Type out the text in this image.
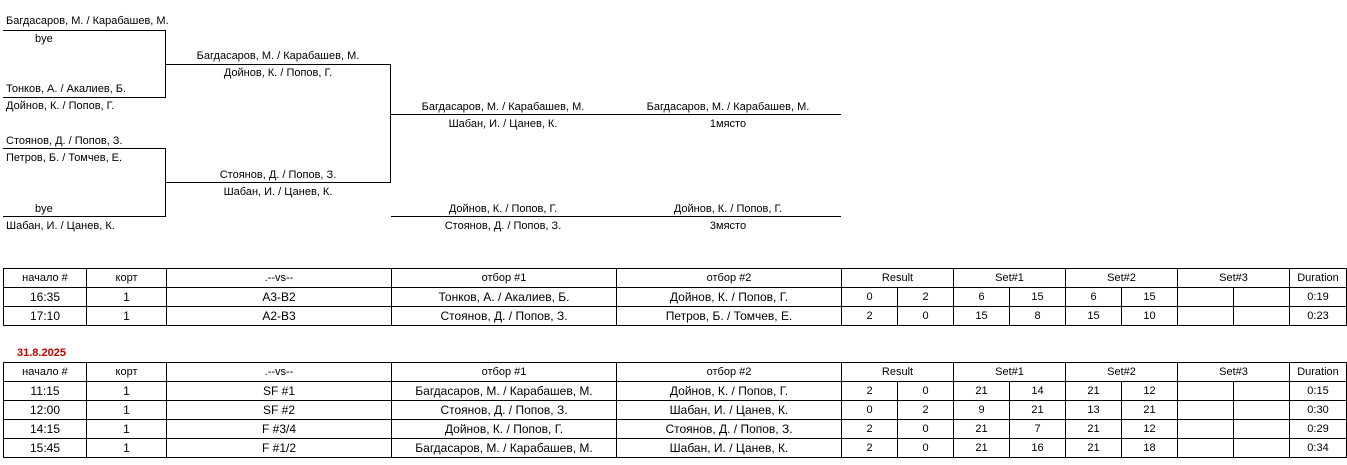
Багдасаров, М. / Карабашев, М.
bye
Тонков, А. / Акалиев, Б.
Дойнов, К. / Попов, Г.
Стоянов, Д. / Попов, З.
Петров, Б. / Томчев, Е.
bye
Шабан, И. / Цанев, К.
Багдасаров, М. / Карабашев, М.
Дойнов, К. / Попов, Г.
Стоянов, Д. / Попов, З.
Шабан, И. / Цанев, К.
Багдасаров, М. / Карабашев, М.
Шабан, И. / Цанев, К.
Багдасаров, М. / Карабашев, М.
1място
Дойнов, К. / Попов, Г.
Стоянов, Д. / Попов, З.
Дойнов, К. / Попов, Г.
3място
начало #	корт	.--vs--	отбор #1	отбор #2	Result		Set#1		Set#2		Set#3		Duration
16:35	1	A3-B2	Тонков, А. / Акалиев, Б.	Дойнов, К. / Попов, Г.	0	2	6	15	6	15			0:19
17:10	1	A2-B3	Стоянов, Д. / Попов, З.	Петров, Б. / Томчев, Е.	2	0	15	8	15	10			0:23
31.8.2025
начало #	корт	.--vs--	отбор #1	отбор #2	Result		Set#1		Set#2		Set#3		Duration
11:15	1	SF #1	Багдасаров, М. / Карабашев, М.	Дойнов, К. / Попов, Г.	2	0	21	14	21	12			0:15
12:00	1	SF #2	Стоянов, Д. / Попов, З.	Шабан, И. / Цанев, К.	0	2	9	21	13	21			0:30
14:15	1	F #3/4	Дойнов, К. / Попов, Г.	Стоянов, Д. / Попов, З.	2	0	21	7	21	12			0:29
15:45	1	F #1/2	Багдасаров, М. / Карабашев, М.	Шабан, И. / Цанев, К.	2	0	21	16	21	18			0:34
